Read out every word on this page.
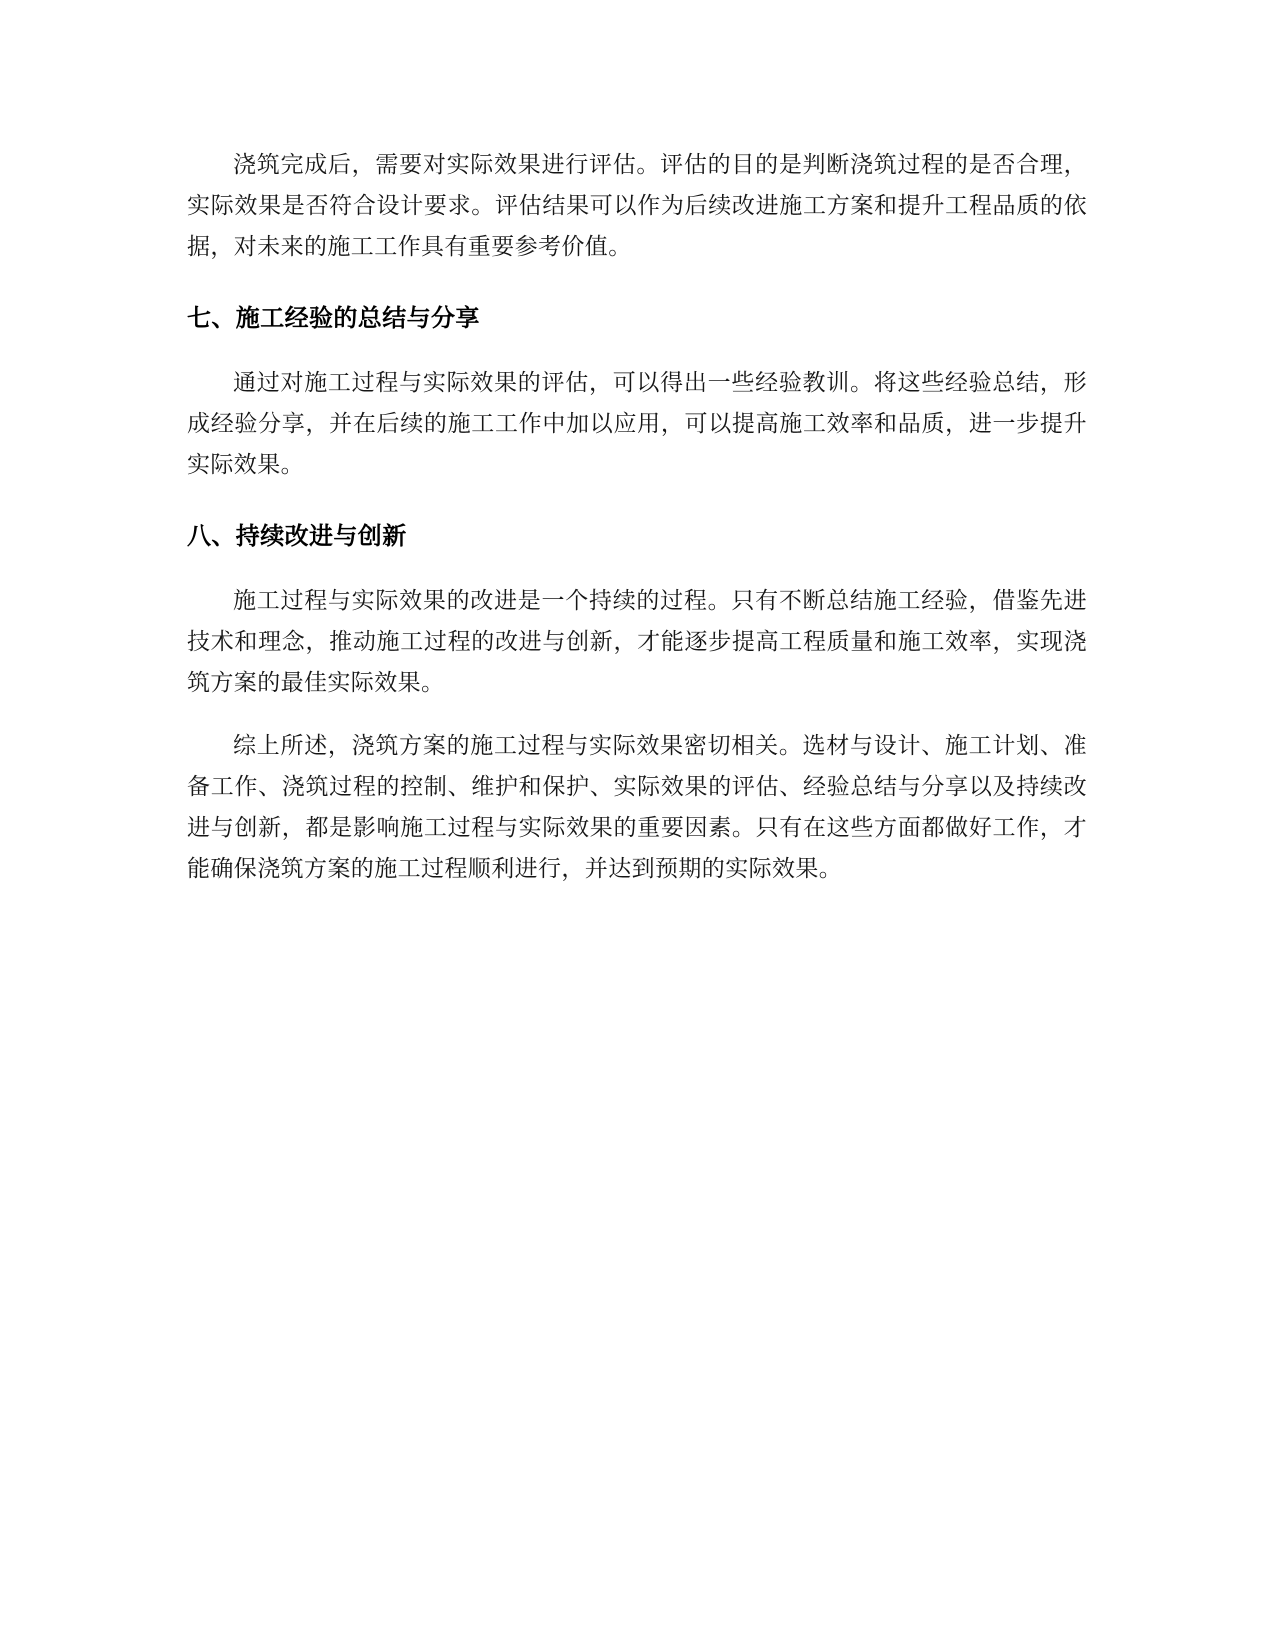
浇筑完成后，需要对实际效果进行评估。评估的目的是判断浇筑过程的是否合理，实际效果是否符合设计要求。评估结果可以作为后续改进施工方案和提升工程品质的依据，对未来的施工工作具有重要参考价值。

七、施工经验的总结与分享

通过对施工过程与实际效果的评估，可以得出一些经验教训。将这些经验总结，形成经验分享，并在后续的施工工作中加以应用，可以提高施工效率和品质，进一步提升实际效果。

八、持续改进与创新

施工过程与实际效果的改进是一个持续的过程。只有不断总结施工经验，借鉴先进技术和理念，推动施工过程的改进与创新，才能逐步提高工程质量和施工效率，实现浇筑方案的最佳实际效果。

综上所述，浇筑方案的施工过程与实际效果密切相关。选材与设计、施工计划、准备工作、浇筑过程的控制、维护和保护、实际效果的评估、经验总结与分享以及持续改进与创新，都是影响施工过程与实际效果的重要因素。只有在这些方面都做好工作，才能确保浇筑方案的施工过程顺利进行，并达到预期的实际效果。
